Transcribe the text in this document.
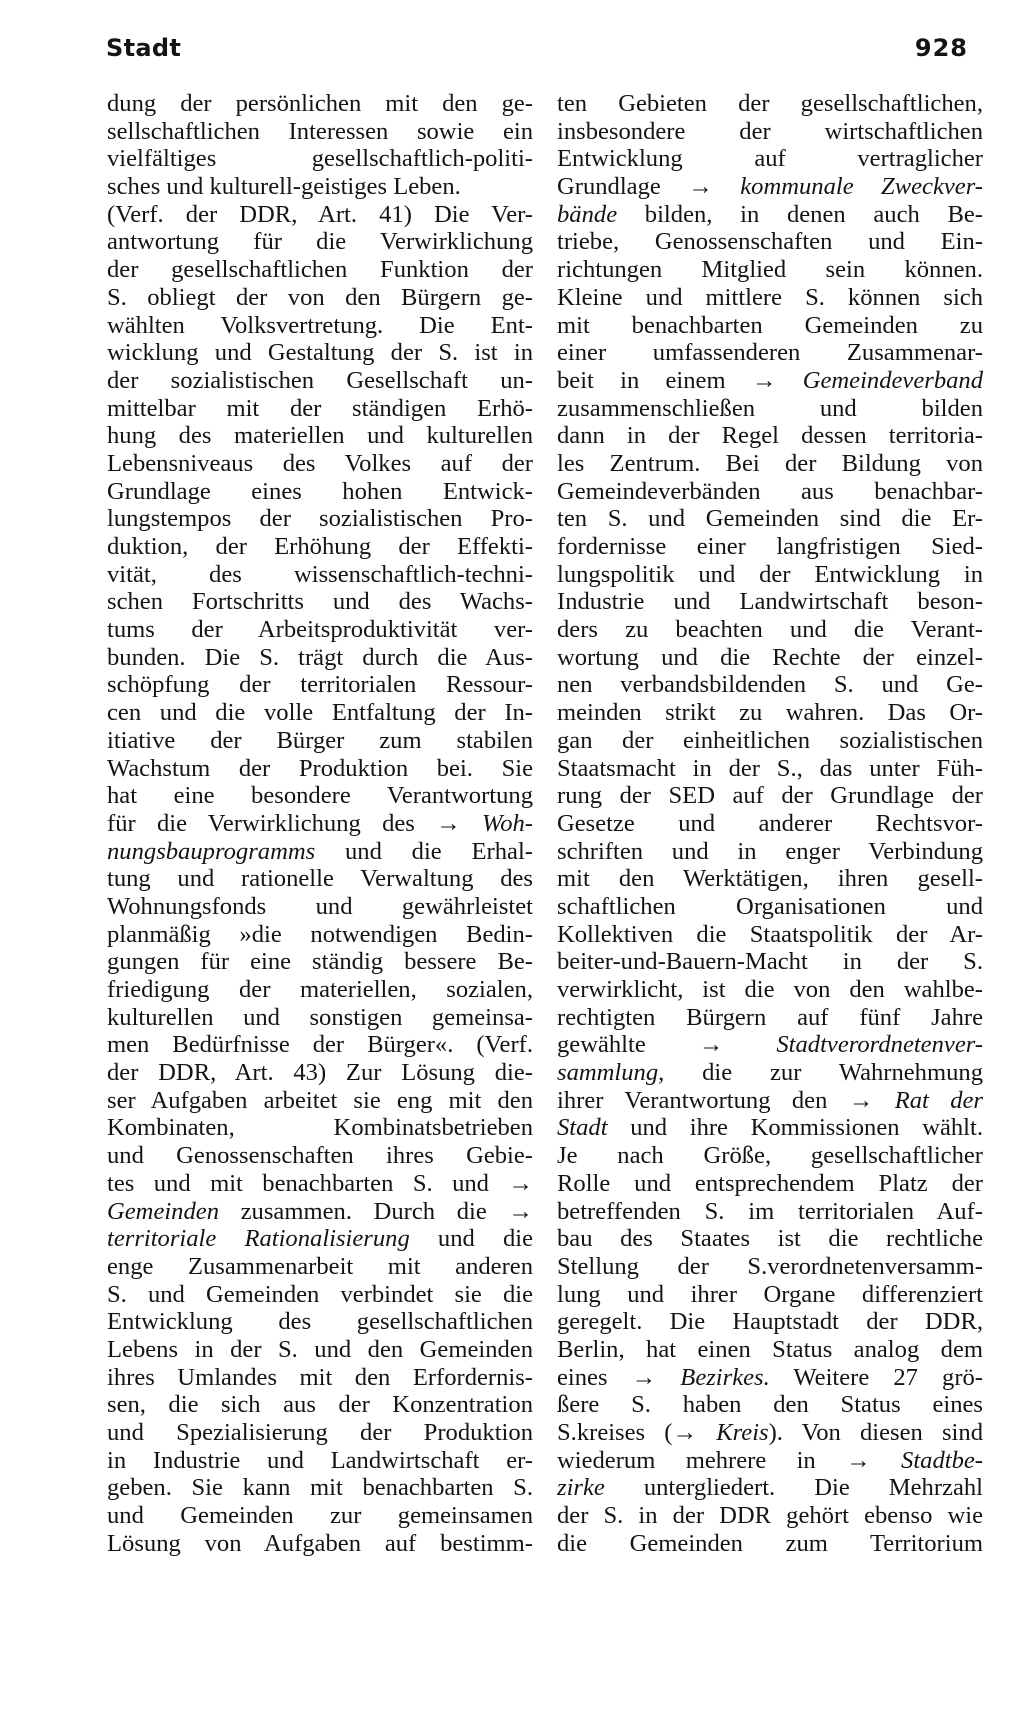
Stadt	928
dung der persönlichen mit den ge-
sellschaftlichen Interessen sowie ein
vielfältiges gesellschaftlich-politi-
sches und kulturell-geistiges Leben.
(Verf. der DDR, Art. 41) Die Ver-
antwortung für die Verwirklichung
der gesellschaftlichen Funktion der
S. obliegt der von den Bürgern ge-
wählten Volksvertretung. Die Ent-
wicklung und Gestaltung der S. ist in
der sozialistischen Gesellschaft un-
mittelbar mit der ständigen Erhö-
hung des materiellen und kulturellen
Lebensniveaus des Volkes auf der
Grundlage eines hohen Entwick-
lungstempos der sozialistischen Pro-
duktion, der Erhöhung der Effekti-
vität, des wissenschaftlich-techni-
schen Fortschritts und des Wachs-
tums der Arbeitsproduktivität ver-
bunden. Die S. trägt durch die Aus-
schöpfung der territorialen Ressour-
cen und die volle Entfaltung der In-
itiative der Bürger zum stabilen
Wachstum der Produktion bei. Sie
hat eine besondere Verantwortung
für die Verwirklichung des → Woh-
nungsbauprogramms und die Erhal-
tung und rationelle Verwaltung des
Wohnungsfonds und gewährleistet
planmäßig »die notwendigen Bedin-
gungen für eine ständig bessere Be-
friedigung der materiellen, sozialen,
kulturellen und sonstigen gemeinsa-
men Bedürfnisse der Bürger«. (Verf.
der DDR, Art. 43) Zur Lösung die-
ser Aufgaben arbeitet sie eng mit den
Kombinaten, Kombinatsbetrieben
und Genossenschaften ihres Gebie-
tes und mit benachbarten S. und →
Gemeinden zusammen. Durch die →
territoriale Rationalisierung und die
enge Zusammenarbeit mit anderen
S. und Gemeinden verbindet sie die
Entwicklung des gesellschaftlichen
Lebens in der S. und den Gemeinden
ihres Umlandes mit den Erfordernis-
sen, die sich aus der Konzentration
und Spezialisierung der Produktion
in Industrie und Landwirtschaft er-
geben. Sie kann mit benachbarten S.
und Gemeinden zur gemeinsamen
Lösung von Aufgaben auf bestimm-
ten Gebieten der gesellschaftlichen,
insbesondere der wirtschaftlichen
Entwicklung auf vertraglicher
Grundlage → kommunale Zweckver-
bände bilden, in denen auch Be-
triebe, Genossenschaften und Ein-
richtungen Mitglied sein können.
Kleine und mittlere S. können sich
mit benachbarten Gemeinden zu
einer umfassenderen Zusammenar-
beit in einem → Gemeindeverband
zusammenschließen und bilden
dann in der Regel dessen territoria-
les Zentrum. Bei der Bildung von
Gemeindeverbänden aus benachbar-
ten S. und Gemeinden sind die Er-
fordernisse einer langfristigen Sied-
lungspolitik und der Entwicklung in
Industrie und Landwirtschaft beson-
ders zu beachten und die Verant-
wortung und die Rechte der einzel-
nen verbandsbildenden S. und Ge-
meinden strikt zu wahren. Das Or-
gan der einheitlichen sozialistischen
Staatsmacht in der S., das unter Füh-
rung der SED auf der Grundlage der
Gesetze und anderer Rechtsvor-
schriften und in enger Verbindung
mit den Werktätigen, ihren gesell-
schaftlichen Organisationen und
Kollektiven die Staatspolitik der Ar-
beiter-und-Bauern-Macht in der S.
verwirklicht, ist die von den wahlbe-
rechtigten Bürgern auf fünf Jahre
gewählte → Stadtverordnetenver-
sammlung, die zur Wahrnehmung
ihrer Verantwortung den → Rat der
Stadt und ihre Kommissionen wählt.
Je nach Größe, gesellschaftlicher
Rolle und entsprechendem Platz der
betreffenden S. im territorialen Auf-
bau des Staates ist die rechtliche
Stellung der S.verordnetenversamm-
lung und ihrer Organe differenziert
geregelt. Die Hauptstadt der DDR,
Berlin, hat einen Status analog dem
eines → Bezirkes. Weitere 27 grö-
ßere S. haben den Status eines
S.kreises (→ Kreis). Von diesen sind
wiederum mehrere in → Stadtbe-
zirke untergliedert. Die Mehrzahl
der S. in der DDR gehört ebenso wie
die Gemeinden zum Territorium
